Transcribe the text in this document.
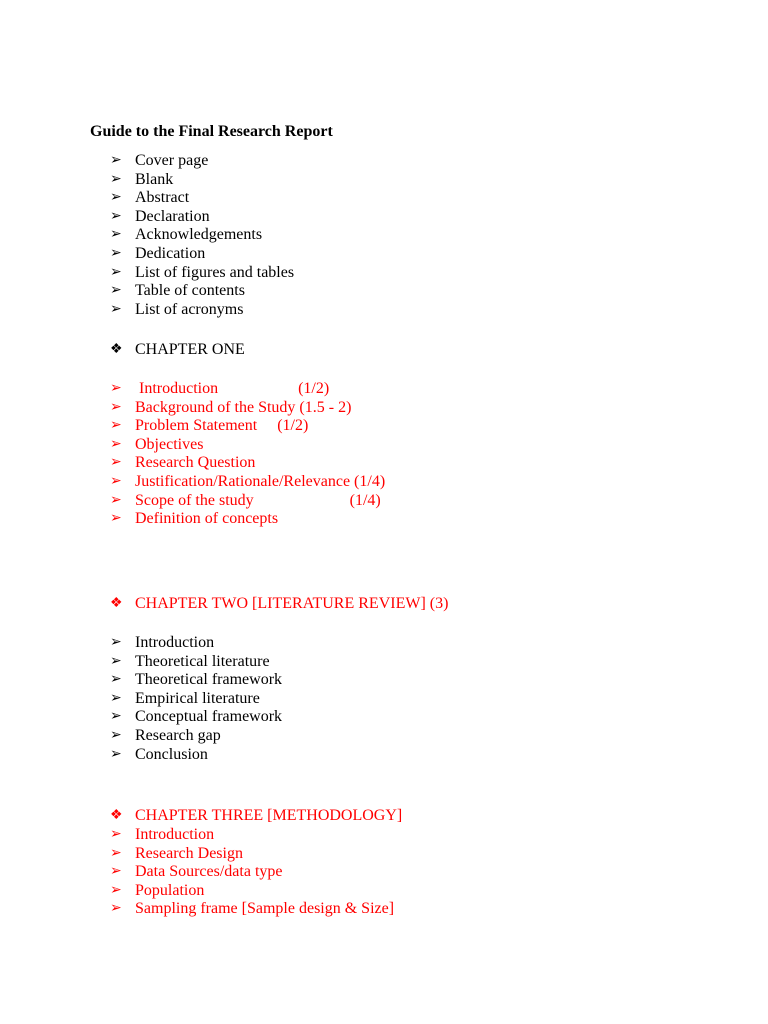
Guide to the Final Research Report
➢ Cover page
➢ Blank
➢ Abstract
➢ Declaration
➢ Acknowledgements
➢ Dedication
➢ List of figures and tables
➢ Table of contents
➢ List of acronyms

❖ CHAPTER ONE

➢ Introduction                    (1/2)
➢ Background of the Study (1.5 - 2)
➢ Problem Statement     (1/2)
➢ Objectives
➢ Research Question
➢ Justification/Rationale/Relevance (1/4)
➢ Scope of the study                        (1/4)
➢ Definition of concepts

❖ CHAPTER TWO [LITERATURE REVIEW] (3)

➢ Introduction
➢ Theoretical literature
➢ Theoretical framework
➢ Empirical literature
➢ Conceptual framework
➢ Research gap
➢ Conclusion

❖ CHAPTER THREE [METHODOLOGY]

➢ Introduction
➢ Research Design
➢ Data Sources/data type
➢ Population
➢ Sampling frame [Sample design & Size]
